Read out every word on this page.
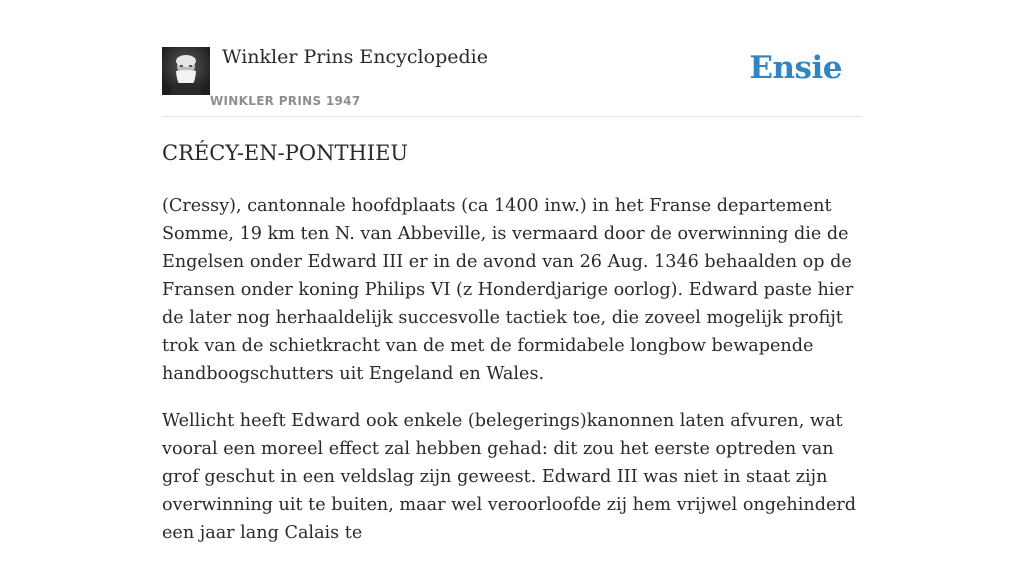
Winkler Prins Encyclopedie
WINKLER PRINS 1947
Ensie
CRÉCY-EN-PONTHIEU

(Cressy), cantonnale hoofdplaats (ca 1400 inw.) in het Franse departement Somme, 19 km ten N. van Abbeville, is vermaard door de overwinning die de Engelsen onder Edward III er in de avond van 26 Aug. 1346 behaalden op de Fransen onder koning Philips VI (z Honderdjarige oorlog). Edward paste hier de later nog herhaaldelijk succesvolle tactiek toe, die zoveel mogelijk profijt trok van de schietkracht van de met de formidabele longbow bewapende handboogschutters uit Engeland en Wales.

Wellicht heeft Edward ook enkele (belegerings)kanonnen laten afvuren, wat vooral een moreel effect zal hebben gehad: dit zou het eerste optreden van grof geschut in een veldslag zijn geweest. Edward III was niet in staat zijn overwinning uit te buiten, maar wel veroorloofde zij hem vrijwel ongehinderd een jaar lang Calais te
